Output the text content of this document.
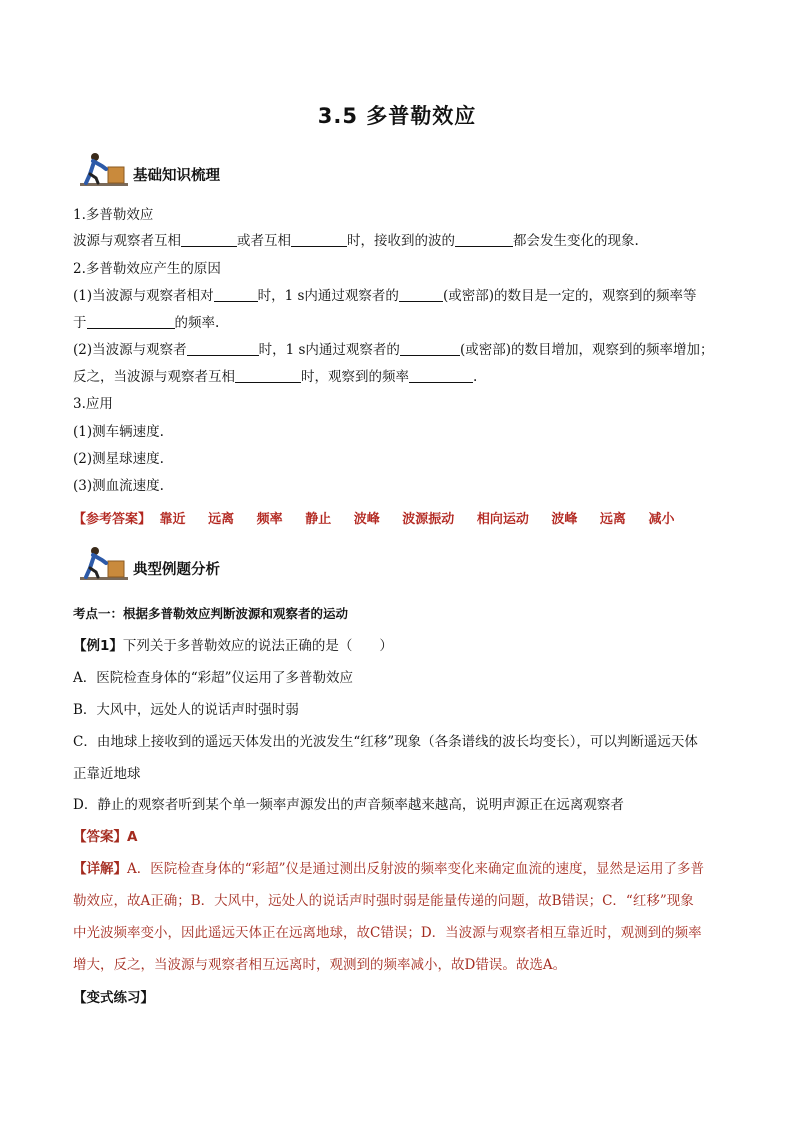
3.5 多普勒效应
基础知识梳理
1.多普勒效应
波源与观察者互相	或者互相	时，接收到的波的	都会发生变化的现象.
2.多普勒效应产生的原因
(1)当波源与观察者相对	时，1 s内通过观察者的	(或密部)的数目是一定的，观察到的频率等
于	的频率.
(2)当波源与观察者	时，1 s内通过观察者的	(或密部)的数目增加，观察到的频率增加；
反之，当波源与观察者互相	时，观察到的频率	.
3.应用
(1)测车辆速度.
(2)测星球速度.
(3)测血流速度.
【参考答案】 靠近 远离 频率 静止 波峰 波源振动 相向运动 波峰 远离 减小
典型例题分析
考点一：根据多普勒效应判断波源和观察者的运动
【例1】下列关于多普勒效应的说法正确的是（　　）
A．医院检查身体的“彩超”仪运用了多普勒效应
B．大风中，远处人的说话声时强时弱
C．由地球上接收到的遥远天体发出的光波发生“红移”现象（各条谱线的波长均变长），可以判断遥远天体
正靠近地球
D．静止的观察者听到某个单一频率声源发出的声音频率越来越高，说明声源正在远离观察者
【答案】A
【详解】A．医院检查身体的“彩超”仪是通过测出反射波的频率变化来确定血流的速度，显然是运用了多普
勒效应，故A正确；B．大风中，远处人的说话声时强时弱是能量传递的问题，故B错误；C．“红移”现象
中光波频率变小，因此遥远天体正在远离地球，故C错误；D．当波源与观察者相互靠近时，观测到的频率
增大，反之，当波源与观察者相互远离时，观测到的频率减小，故D错误。故选A。
【变式练习】
